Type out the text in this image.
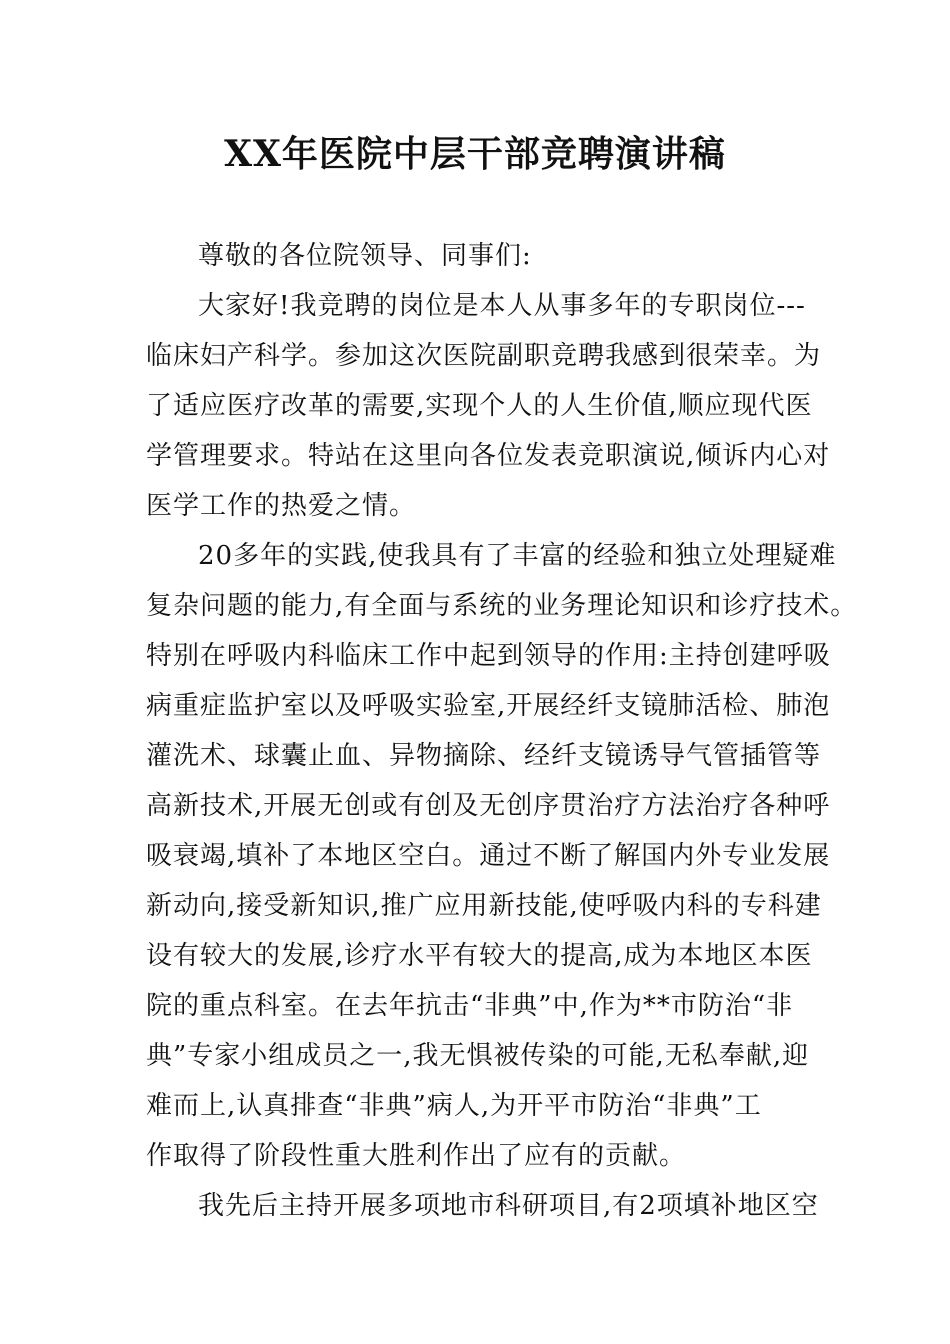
XX年医院中层干部竞聘演讲稿

尊敬的各位院领导、同事们:

大家好!我竞聘的岗位是本人从事多年的专职岗位---

临床妇产科学。参加这次医院副职竞聘我感到很荣幸。为

了适应医疗改革的需要,实现个人的人生价值,顺应现代医

学管理要求。特站在这里向各位发表竞职演说,倾诉内心对

医学工作的热爱之情。

20多年的实践,使我具有了丰富的经验和独立处理疑难

复杂问题的能力,有全面与系统的业务理论知识和诊疗技术。

特别在呼吸内科临床工作中起到领导的作用:主持创建呼吸

病重症监护室以及呼吸实验室,开展经纤支镜肺活检、肺泡

灌洗术、球囊止血、异物摘除、经纤支镜诱导气管插管等

高新技术,开展无创或有创及无创序贯治疗方法治疗各种呼

吸衰竭,填补了本地区空白。通过不断了解国内外专业发展

新动向,接受新知识,推广应用新技能,使呼吸内科的专科建

设有较大的发展,诊疗水平有较大的提高,成为本地区本医

院的重点科室。在去年抗击“非典”中,作为**市防治“非

典”专家小组成员之一,我无惧被传染的可能,无私奉献,迎

难而上,认真排查“非典”病人,为开平市防治“非典”工

作取得了阶段性重大胜利作出了应有的贡献。

我先后主持开展多项地市科研项目,有2项填补地区空
